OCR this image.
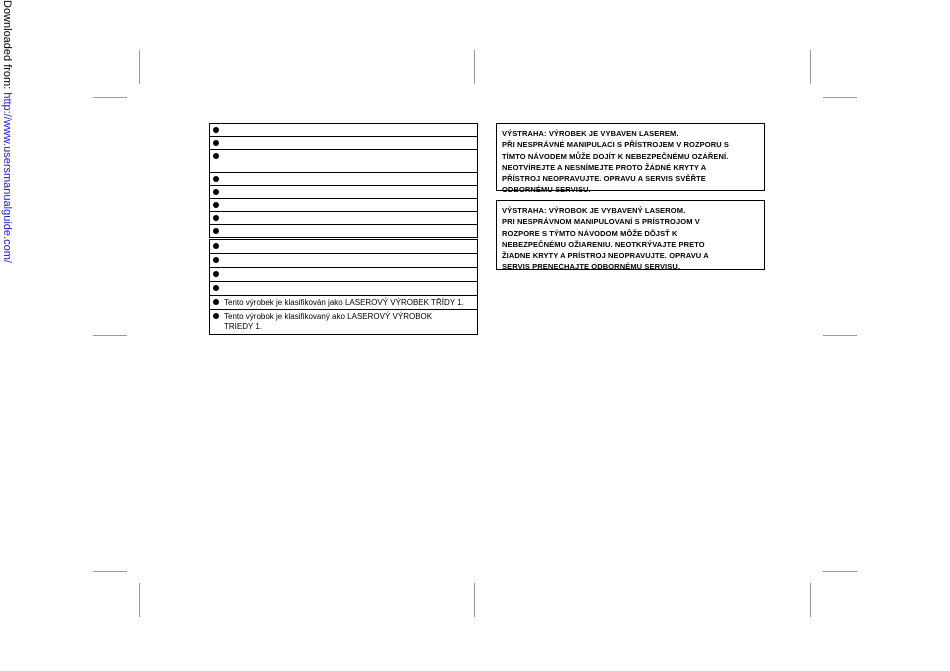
Downloaded from: http://www.usersmanualguide.com/
Tento výrobek je klasifikován jako LASEROVÝ VÝROBEK TŘÍDY 1.
Tento výrobok je klasifikovaný ako LASEROVÝ VÝROBOK TRIEDY 1.
VÝSTRAHA: VÝROBEK JE VYBAVEN LASEREM.
PŘI NESPRÁVNÉ MANIPULACI S PŘÍSTROJEM V ROZPORU S
TÍMTO NÁVODEM MŮŽE DOJÍT K NEBEZPEČNÉMU OZÁŘENÍ.
NEOTVÍREJTE A NESNÍMEJTE PROTO ŽÁDNÉ KRYTY A
PŘÍSTROJ NEOPRAVUJTE. OPRAVU A SERVIS SVĚŘTE
ODBORNÉMU SERVISU.
VÝSTRAHA: VÝROBOK JE VYBAVENÝ LASEROM.
PRI NESPRÁVNOM MANIPULOVANÍ S PRÍSTROJOM V
ROZPORE S TÝMTO NÁVODOM MÔŽE DÔJSŤ K
NEBEZPEČNÉMU OŽIARENIU. NEOTKRÝVAJTE PRETO
ŽIADNE KRYTY A PRÍSTROJ NEOPRAVUJTE. OPRAVU A
SERVIS PRENECHAJTE ODBORNÉMU SERVISU.
